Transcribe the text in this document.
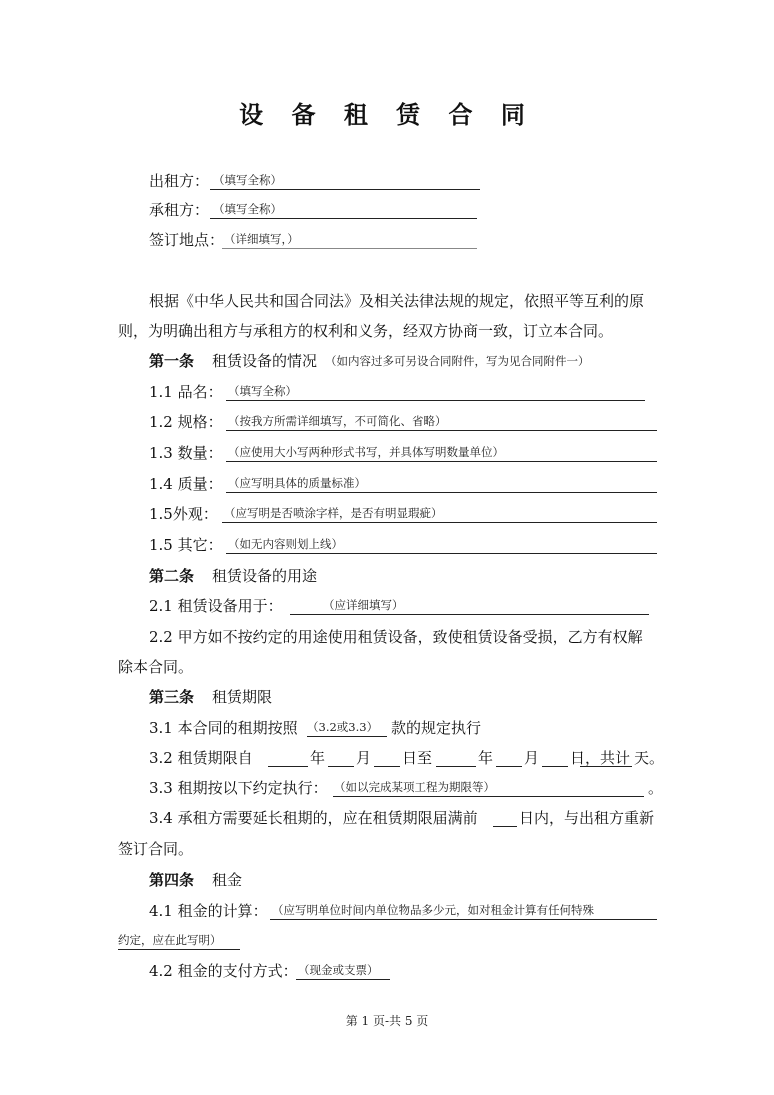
设 备 租 赁 合 同
出租方： （填写全称）
承租方： （填写全称）
签订地点： （详细填写，）
根据《中华人民共和国合同法》及相关法律法规的规定，依照平等互利的原
则，为明确出租方与承租方的权利和义务，经双方协商一致，订立本合同。
第一条 租赁设备的情况 （如内容过多可另设合同附件，写为见合同附件一）
1.1 品名： （填写全称）
1.2 规格： （按我方所需详细填写，不可简化、省略）
1.3 数量： （应使用大小写两种形式书写，并具体写明数量单位）
1.4 质量： （应写明具体的质量标准）
1.5外观： （应写明是否喷涂字样，是否有明显瑕疵）
1.5 其它： （如无内容则划上线）
第二条 租赁设备的用途
2.1 租赁设备用于：	（应详细填写）
2.2 甲方如不按约定的用途使用租赁设备，致使租赁设备受损，乙方有权解
除本合同。
第三条 租赁期限
3.1 本合同的租期按照 （3.2或3.3） 款的规定执行
3.2 租赁期限自	年 月 日至	年 月 日，共计 天。
3.3 租期按以下约定执行： （如以完成某项工程为期限等）	。
3.4 承租方需要延长租期的，应在租赁期限届满前	日内，与出租方重新
签订合同。
第四条 租金
4.1 租金的计算： （应写明单位时间内单位物品多少元，如对租金计算有任何特殊
约定，应在此写明）
4.2 租金的支付方式： （现金或支票）
第 1 页-共 5 页
